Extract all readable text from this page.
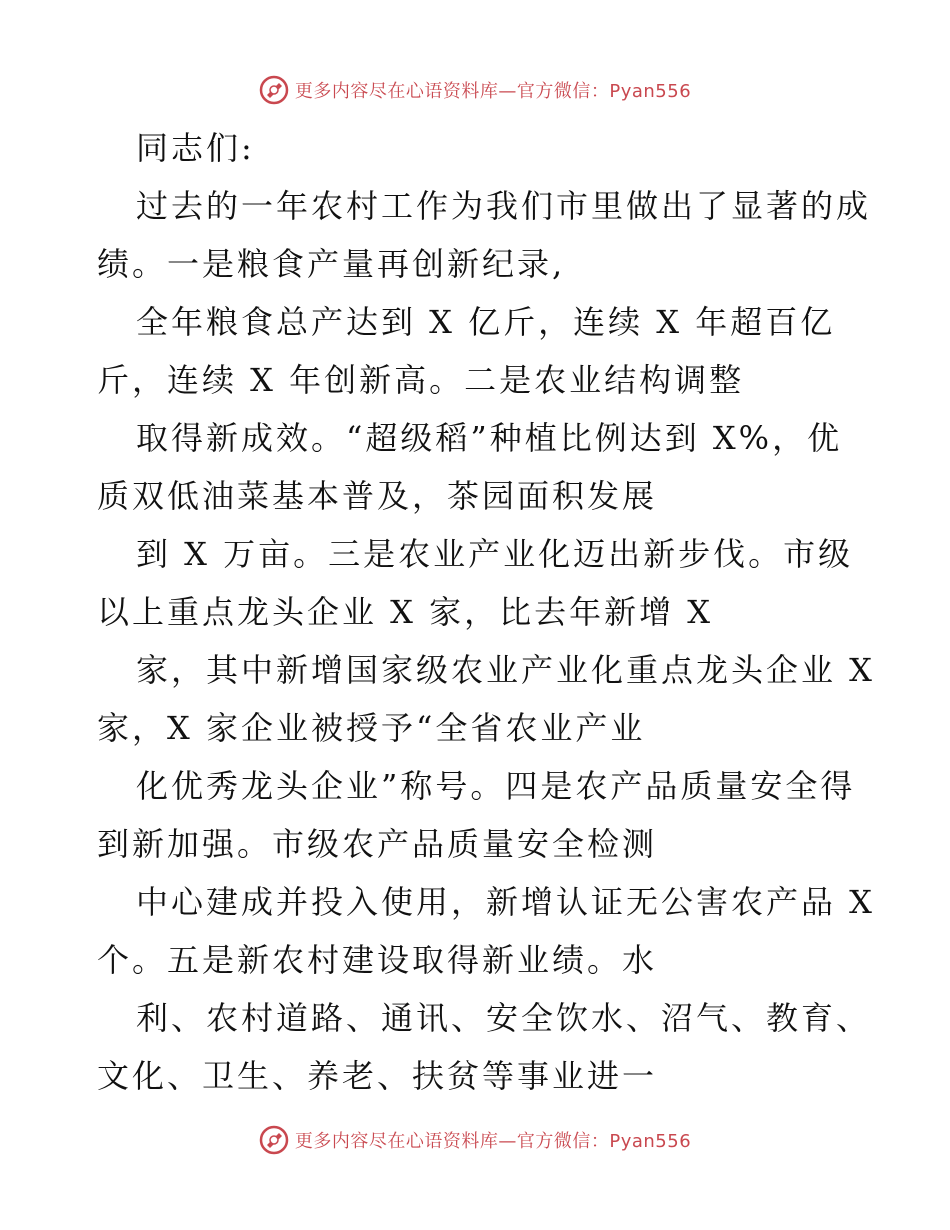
更多内容尽在心语资料库—官方微信：Pyan556
同志们:
过去的一年农村工作为我们市里做出了显著的成
绩。一是粮食产量再创新纪录,
全年粮食总产达到 X 亿斤，连续 X 年超百亿
斤，连续 X 年创新高。二是农业结构调整
取得新成效。“超级稻”种植比例达到 X%，优
质双低油菜基本普及，茶园面积发展
到 X 万亩。三是农业产业化迈出新步伐。市级
以上重点龙头企业 X 家，比去年新增 X
家，其中新增国家级农业产业化重点龙头企业 X
家，X 家企业被授予“全省农业产业
化优秀龙头企业”称号。四是农产品质量安全得
到新加强。市级农产品质量安全检测
中心建成并投入使用，新增认证无公害农产品 X
个。五是新农村建设取得新业绩。水
利、农村道路、通讯、安全饮水、沼气、教育、
文化、卫生、养老、扶贫等事业进一
更多内容尽在心语资料库—官方微信：Pyan556
